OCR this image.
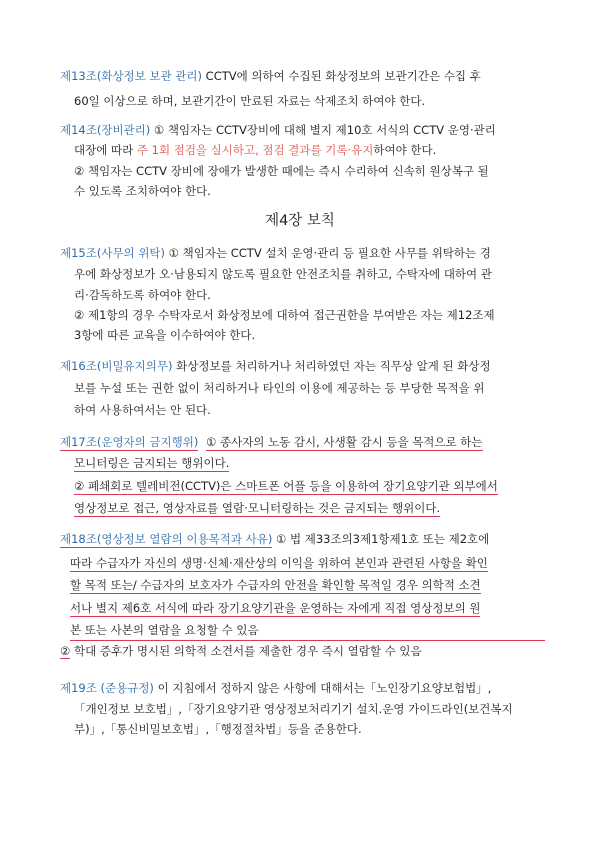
제13조(화상정보 보관 관리) CCTV에 의하여 수집된 화상정보의 보관기간은 수집 후
60일 이상으로 하며, 보관기간이 만료된 자료는 삭제조치 하여야 한다.
제14조(장비관리) ① 책임자는 CCTV장비에 대해 별지 제10호 서식의 CCTV 운영·관리
대장에 따라 주 1회 점검을 실시하고, 점검 결과를 기록·유지하여야 한다.
② 책임자는 CCTV 장비에 장애가 발생한 때에는 즉시 수리하여 신속히 원상복구 될
수 있도록 조치하여야 한다.
제4장 보칙
제15조(사무의 위탁) ① 책임자는 CCTV 설치 운영·관리 등 필요한 사무를 위탁하는 경
우에 화상정보가 오·남용되지 않도록 필요한 안전조치를 취하고, 수탁자에 대하여 관
리·감독하도록 하여야 한다.
② 제1항의 경우 수탁자로서 화상정보에 대하여 접근권한을 부여받은 자는 제12조제
3항에 따른 교육을 이수하여야 한다.
제16조(비밀유지의무) 화상정보를 처리하거나 처리하였던 자는 직무상 알게 된 화상정
보를 누설 또는 권한 없이 처리하거나 타인의 이용에 제공하는 등 부당한 목적을 위
하여 사용하여서는 안 된다.
제17조(운영자의 금지행위) ① 종사자의 노동 감시, 사생활 감시 등을 목적으로 하는
모니터링은 금지되는 행위이다.
② 폐쇄회로 텔레비전(CCTV)은 스마트폰 어플 등을 이용하여 장기요양기관 외부에서
영상정보로 접근, 영상자료를 열람·모니터링하는 것은 금지되는 행위이다.
제18조(영상정보 열람의 이용목적과 사유) ① 법 제33조의3제1항제1호 또는 제2호에
따라 수급자가 자신의 생명·신체·재산상의 이익을 위하여 본인과 관련된 사항을 확인
할 목적 또는/ 수급자의 보호자가 수급자의 안전을 확인할 목적일 경우 의학적 소견
서나 별지 제6호 서식에 따라 장기요양기관을 운영하는 자에게 직접 영상정보의 원
본 또는 사본의 열람을 요청할 수 있음
② 학대 증후가 명시된 의학적 소견서를 제출한 경우 즉시 열람할 수 있음
제19조 (준용규정) 이 지침에서 정하지 않은 사항에 대해서는「노인장기요양보험법」,
「개인정보 보호법」,「장기요양기관 영상정보처리기기 설치.운영 가이드라인(보건복지
부)」,「통신비밀보호법」,「행정절차법」등을 준용한다.
